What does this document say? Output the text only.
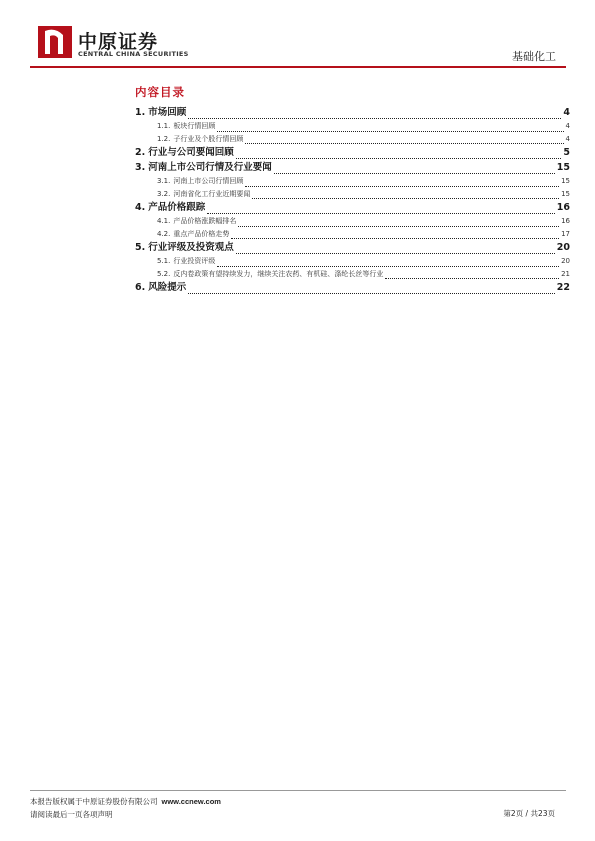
中原证券
CENTRAL CHINA SECURITIES	基础化工
内容目录
1. 市场回顾	4
1.1. 板块行情回顾	4
1.2. 子行业及个股行情回顾	4
2. 行业与公司要闻回顾	5
3. 河南上市公司行情及行业要闻	15
3.1. 河南上市公司行情回顾	15
3.2. 河南省化工行业近期要闻	15
4. 产品价格跟踪	16
4.1. 产品价格涨跌幅排名	16
4.2. 重点产品价格走势	17
5. 行业评级及投资观点	20
5.1. 行业投资评级	20
5.2. 反内卷政策有望持续发力，继续关注农药、有机硅、涤纶长丝等行业	21
6. 风险提示	22
本报告版权属于中原证券股份有限公司 www.ccnew.com
请阅读最后一页各项声明	第2页 / 共23页
